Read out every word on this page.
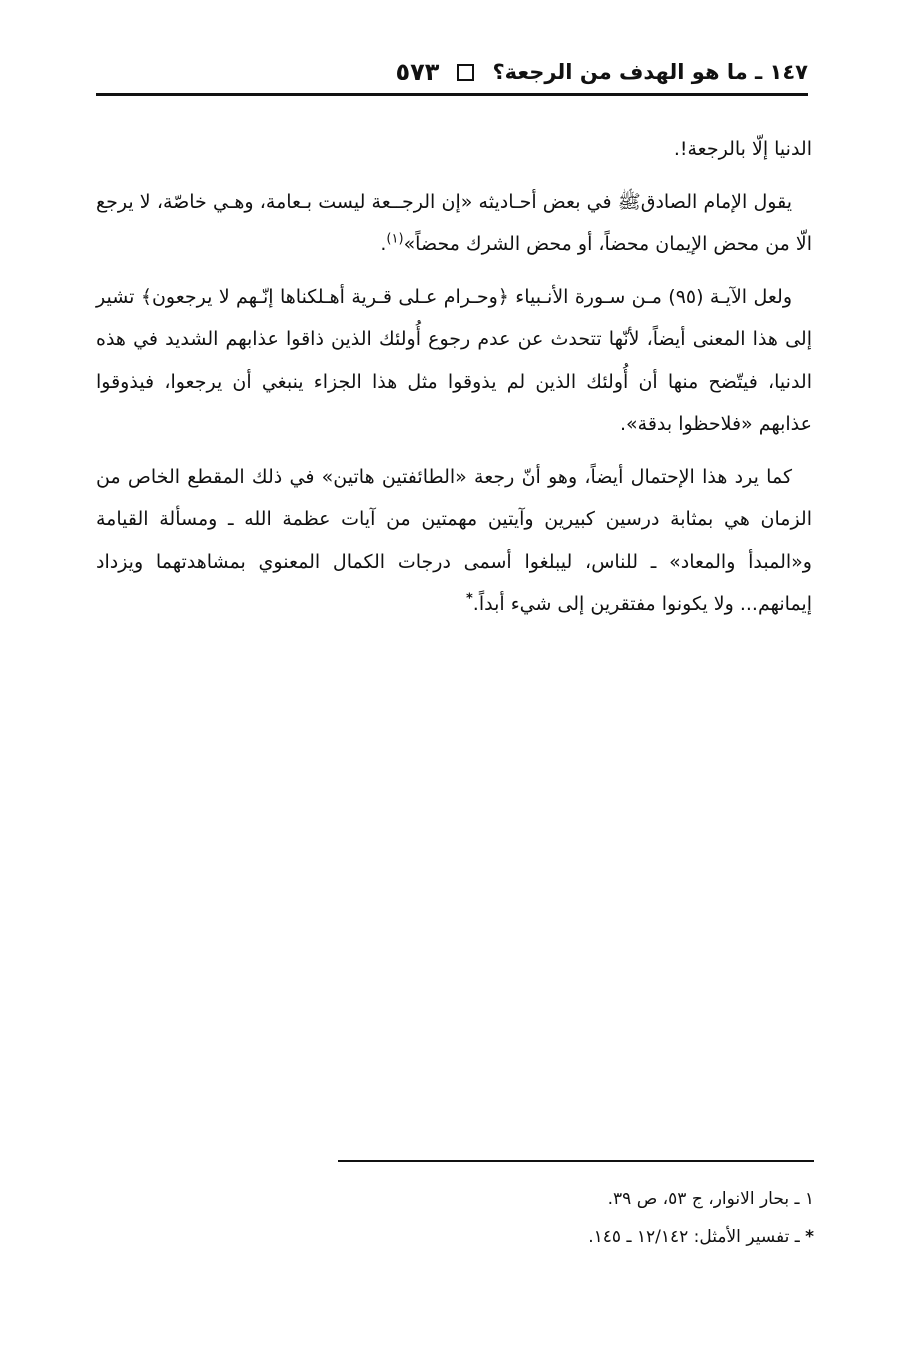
١٤٧ ـ ما هو الهدف من الرجعة؟
٥٧٣

الدنيا إلّا بالرجعة!.

يقول الإمام الصادقﷺ في بعض أحـاديثه «إن الرجــعة ليست بـعامة، وهـي خاصّة، لا يرجع الّا من محض الإيمان محضاً، أو محض الشرك محضاً»$^{(١)}$.

ولعل الآيـة (٩٥) مـن سـورة الأنـبياء ﴿وحـرام عـلى قـرية أهـلكناها إنّـهم لا يرجعون﴾ تشير إلى هذا المعنى أيضاً، لأنّها تتحدث عن عدم رجوع أُولئك الذين ذاقوا عذابهم الشديد في هذه الدنيا، فيتّضح منها أن أُولئك الذين لم يذوقوا مثل هذا الجزاء ينبغي أن يرجعوا، فيذوقوا عذابهم «فلاحظوا بدقة».

كما يرد هذا الإحتمال أيضاً، وهو أنّ رجعة «الطائفتين هاتين» في ذلك المقطع الخاص من الزمان هي بمثابة درسين كبيرين وآيتين مهمتين من آيات عظمة الله ـ ومسألة القيامة و«المبدأ والمعاد» ـ للناس، ليبلغوا أسمى درجات الكمال المعنوي بمشاهدتهما ويزداد إيمانهم... ولا يكونوا مفتقرين إلى شيء أبداً.*

١ ـ بحار الانوار، ج ٥٣، ص ٣٩.
* ـ تفسير الأمثل: ١٢/١٤٢ ـ ١٤٥.
